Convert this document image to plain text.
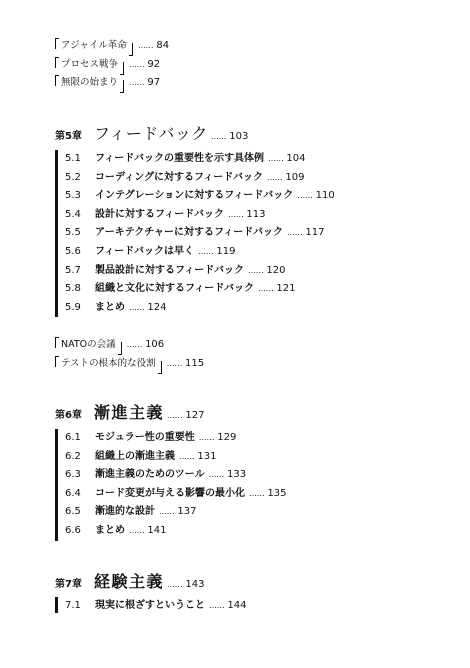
アジャイル革命	…… 84
プロセス戦争	…… 92
無限の始まり	…… 97
第5章 フィードバック …… 103
5.1 フィードバックの重要性を示す具体例 …… 104
5.2 コーディングに対するフィードバック …… 109
5.3 インテグレーションに対するフィードバック …… 110
5.4 設計に対するフィードバック …… 113
5.5 アーキテクチャーに対するフィードバック …… 117
5.6 フィードバックは早く …… 119
5.7 製品設計に対するフィードバック …… 120
5.8 組織と文化に対するフィードバック …… 121
5.9 まとめ …… 124
NATOの会議	…… 106
テストの根本的な役割	…… 115
第6章 漸進主義 …… 127
6.1 モジュラー性の重要性 …… 129
6.2 組織上の漸進主義 …… 131
6.3 漸進主義のためのツール …… 133
6.4 コード変更が与える影響の最小化 …… 135
6.5 漸進的な設計 …… 137
6.6 まとめ …… 141
第7章 経験主義 …… 143
7.1 現実に根ざすということ …… 144
